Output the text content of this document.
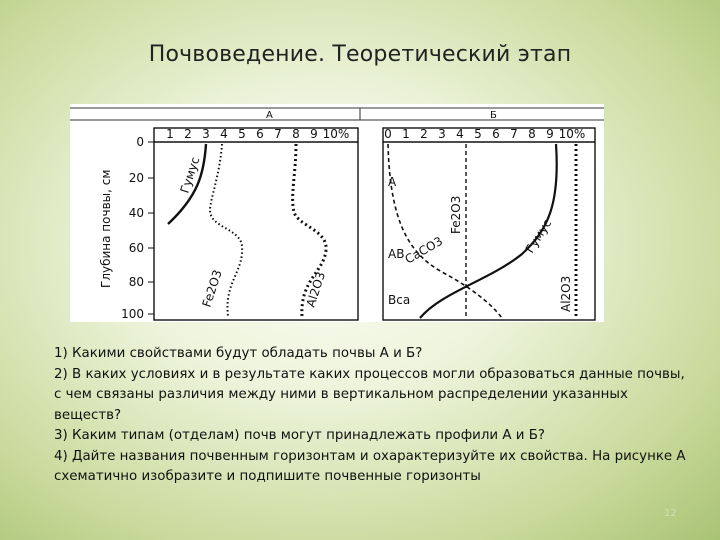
Почвоведение. Теоретический этап
А	Б
Глубина почвы, см
0
20
40
60
80
100
1 2 3 4 5 6 7 8 9 10%
Гумус
Fe2O3	Al2O3
0 1 2 3 4 5 6 7 8 9 10%
Fe2O3
CaCO3	Гумус
Al2O3
A
AB
Bca

1) Какими свойствами будут обладать почвы А и Б?

2) В каких условиях и в результате каких процессов могли образоваться данные почвы, с чем связаны различия между ними в вертикальном распределении указанных веществ?

3) Каким типам (отделам) почв могут принадлежать профили А и Б?

4) Дайте названия почвенным горизонтам и охарактеризуйте их свойства. На рисунке А схематично изобразите и подпишите почвенные горизонты

12
